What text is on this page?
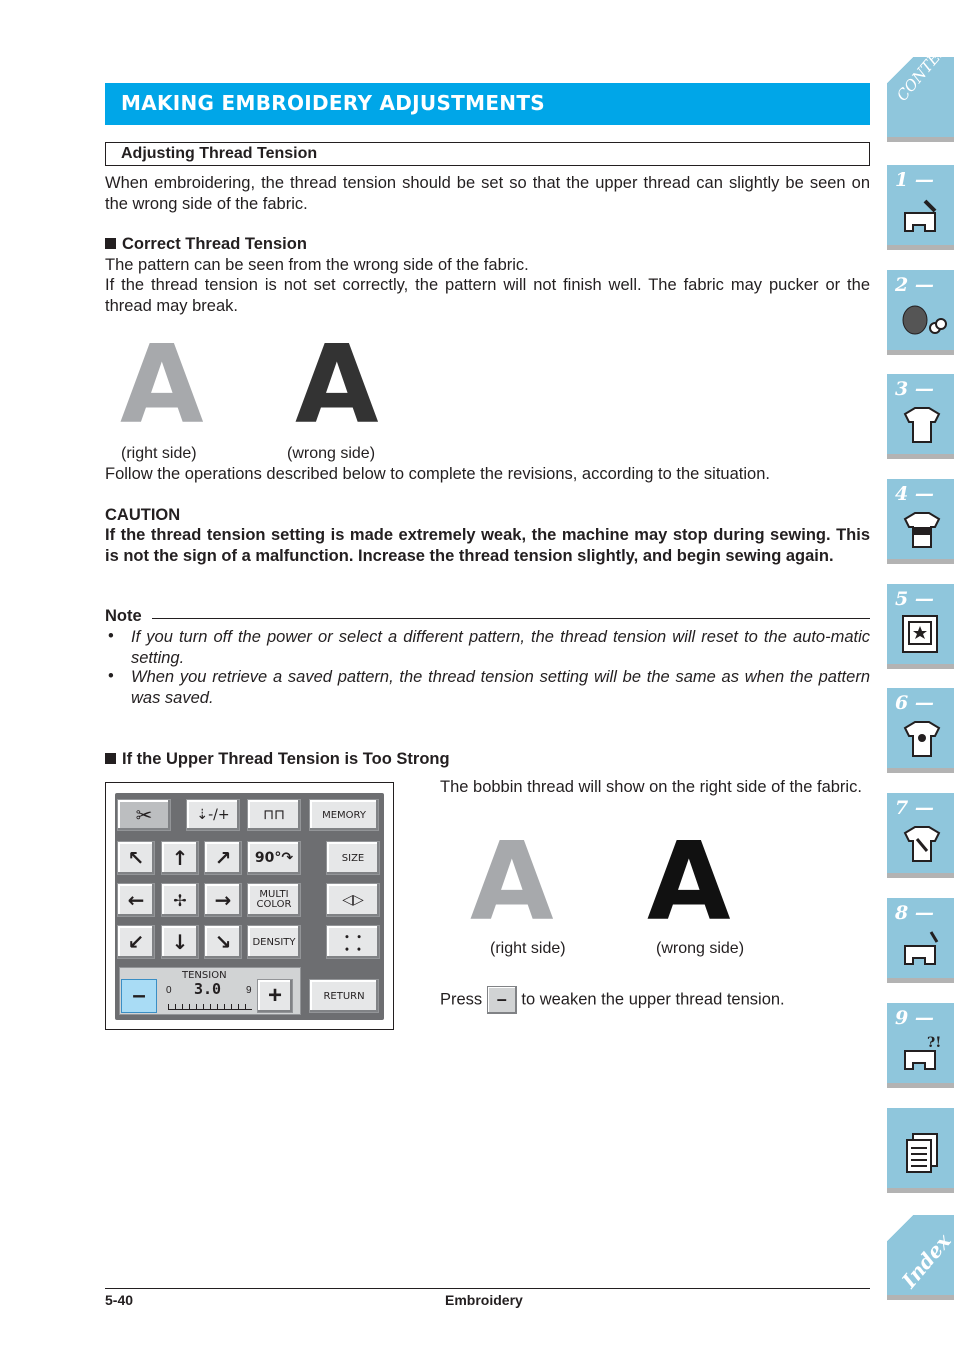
MAKING EMBROIDERY ADJUSTMENTS
Adjusting Thread Tension
When embroidering, the thread tension should be set so that the upper thread can slightly be seen on the wrong side of the fabric.
Correct Thread Tension
The pattern can be seen from the wrong side of the fabric.
If the thread tension is not set correctly, the pattern will not finish well. The fabric may pucker or the thread may break.
A A
(right side)	(wrong side)
Follow the operations described below to complete the revisions, according to the situation.
CAUTION
If the thread tension setting is made extremely weak, the machine may stop during sewing. This is not the sign of a malfunction. Increase the thread tension slightly, and begin sewing again.
Note
• If you turn off the power or select a different pattern, the thread tension will reset to the auto-matic setting.
• When you retrieve a saved pattern, the thread tension setting will be the same as when the pattern was saved.
If the Upper Thread Tension is Too Strong
✂	⇣-/+ ⊓⊓	MEMORY
↖ ↑ ↗ 90°↷	SIZE
← ✢ →	MULTI
COLOR	◁▷
↙ ↓ ↘ DENSITY ⸬
TENSION
0 3.0 9
–	+	RETURN
The bobbin thread will show on the right side of the fabric.
A A
(right side)	(wrong side)
Press – to weaken the upper thread tension.
CONTENTS
1 —
2 —
3 —
4 —
5 —
6 —
7 —
8 —
9 —
?!
Index
5-40	Embroidery
